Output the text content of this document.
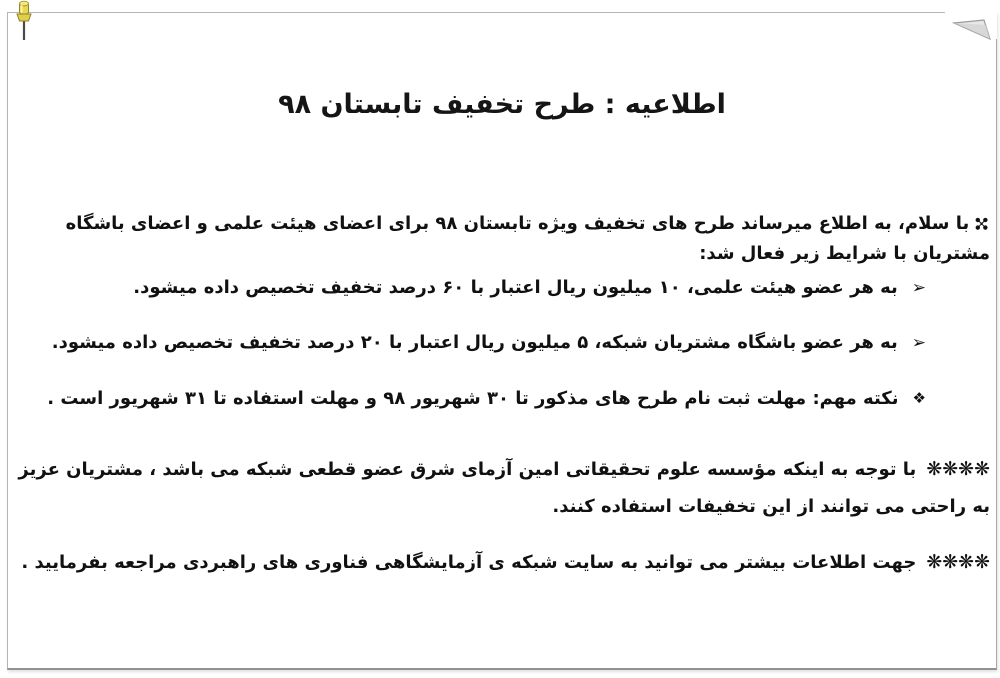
اطلاعیه : طرح تخفیف تابستان ۹۸

✣با سلام، به اطلاع میرساند طرح های تخفیف ویژه تابستان ۹۸ برای اعضای هیئت علمی و اعضای باشگاه مشتریان با شرایط زیر فعال شد:

➢به هر عضو هیئت علمی، ۱۰ میلیون ریال اعتبار با ۶۰ درصد تخفیف تخصیص داده میشود.
➢به هر عضو باشگاه مشتریان شبکه، ۵ میلیون ریال اعتبار با ۲۰ درصد تخفیف تخصیص داده میشود.
❖نکته مهم: مهلت ثبت نام طرح های مذکور تا ۳۰ شهریور ۹۸ و مهلت استفاده تا ۳۱ شهریور است .

❋❋❋❋با توجه به اینکه مؤسسه علوم تحقیقاتی امین آزمای شرق عضو قطعی شبکه می باشد ، مشتریان عزیز به راحتی می توانند از این تخفیفات استفاده کنند.

❋❋❋❋جهت اطلاعات بیشتر می توانید به سایت شبکه ی آزمایشگاهی فناوری های راهبردی مراجعه بفرمایید .
